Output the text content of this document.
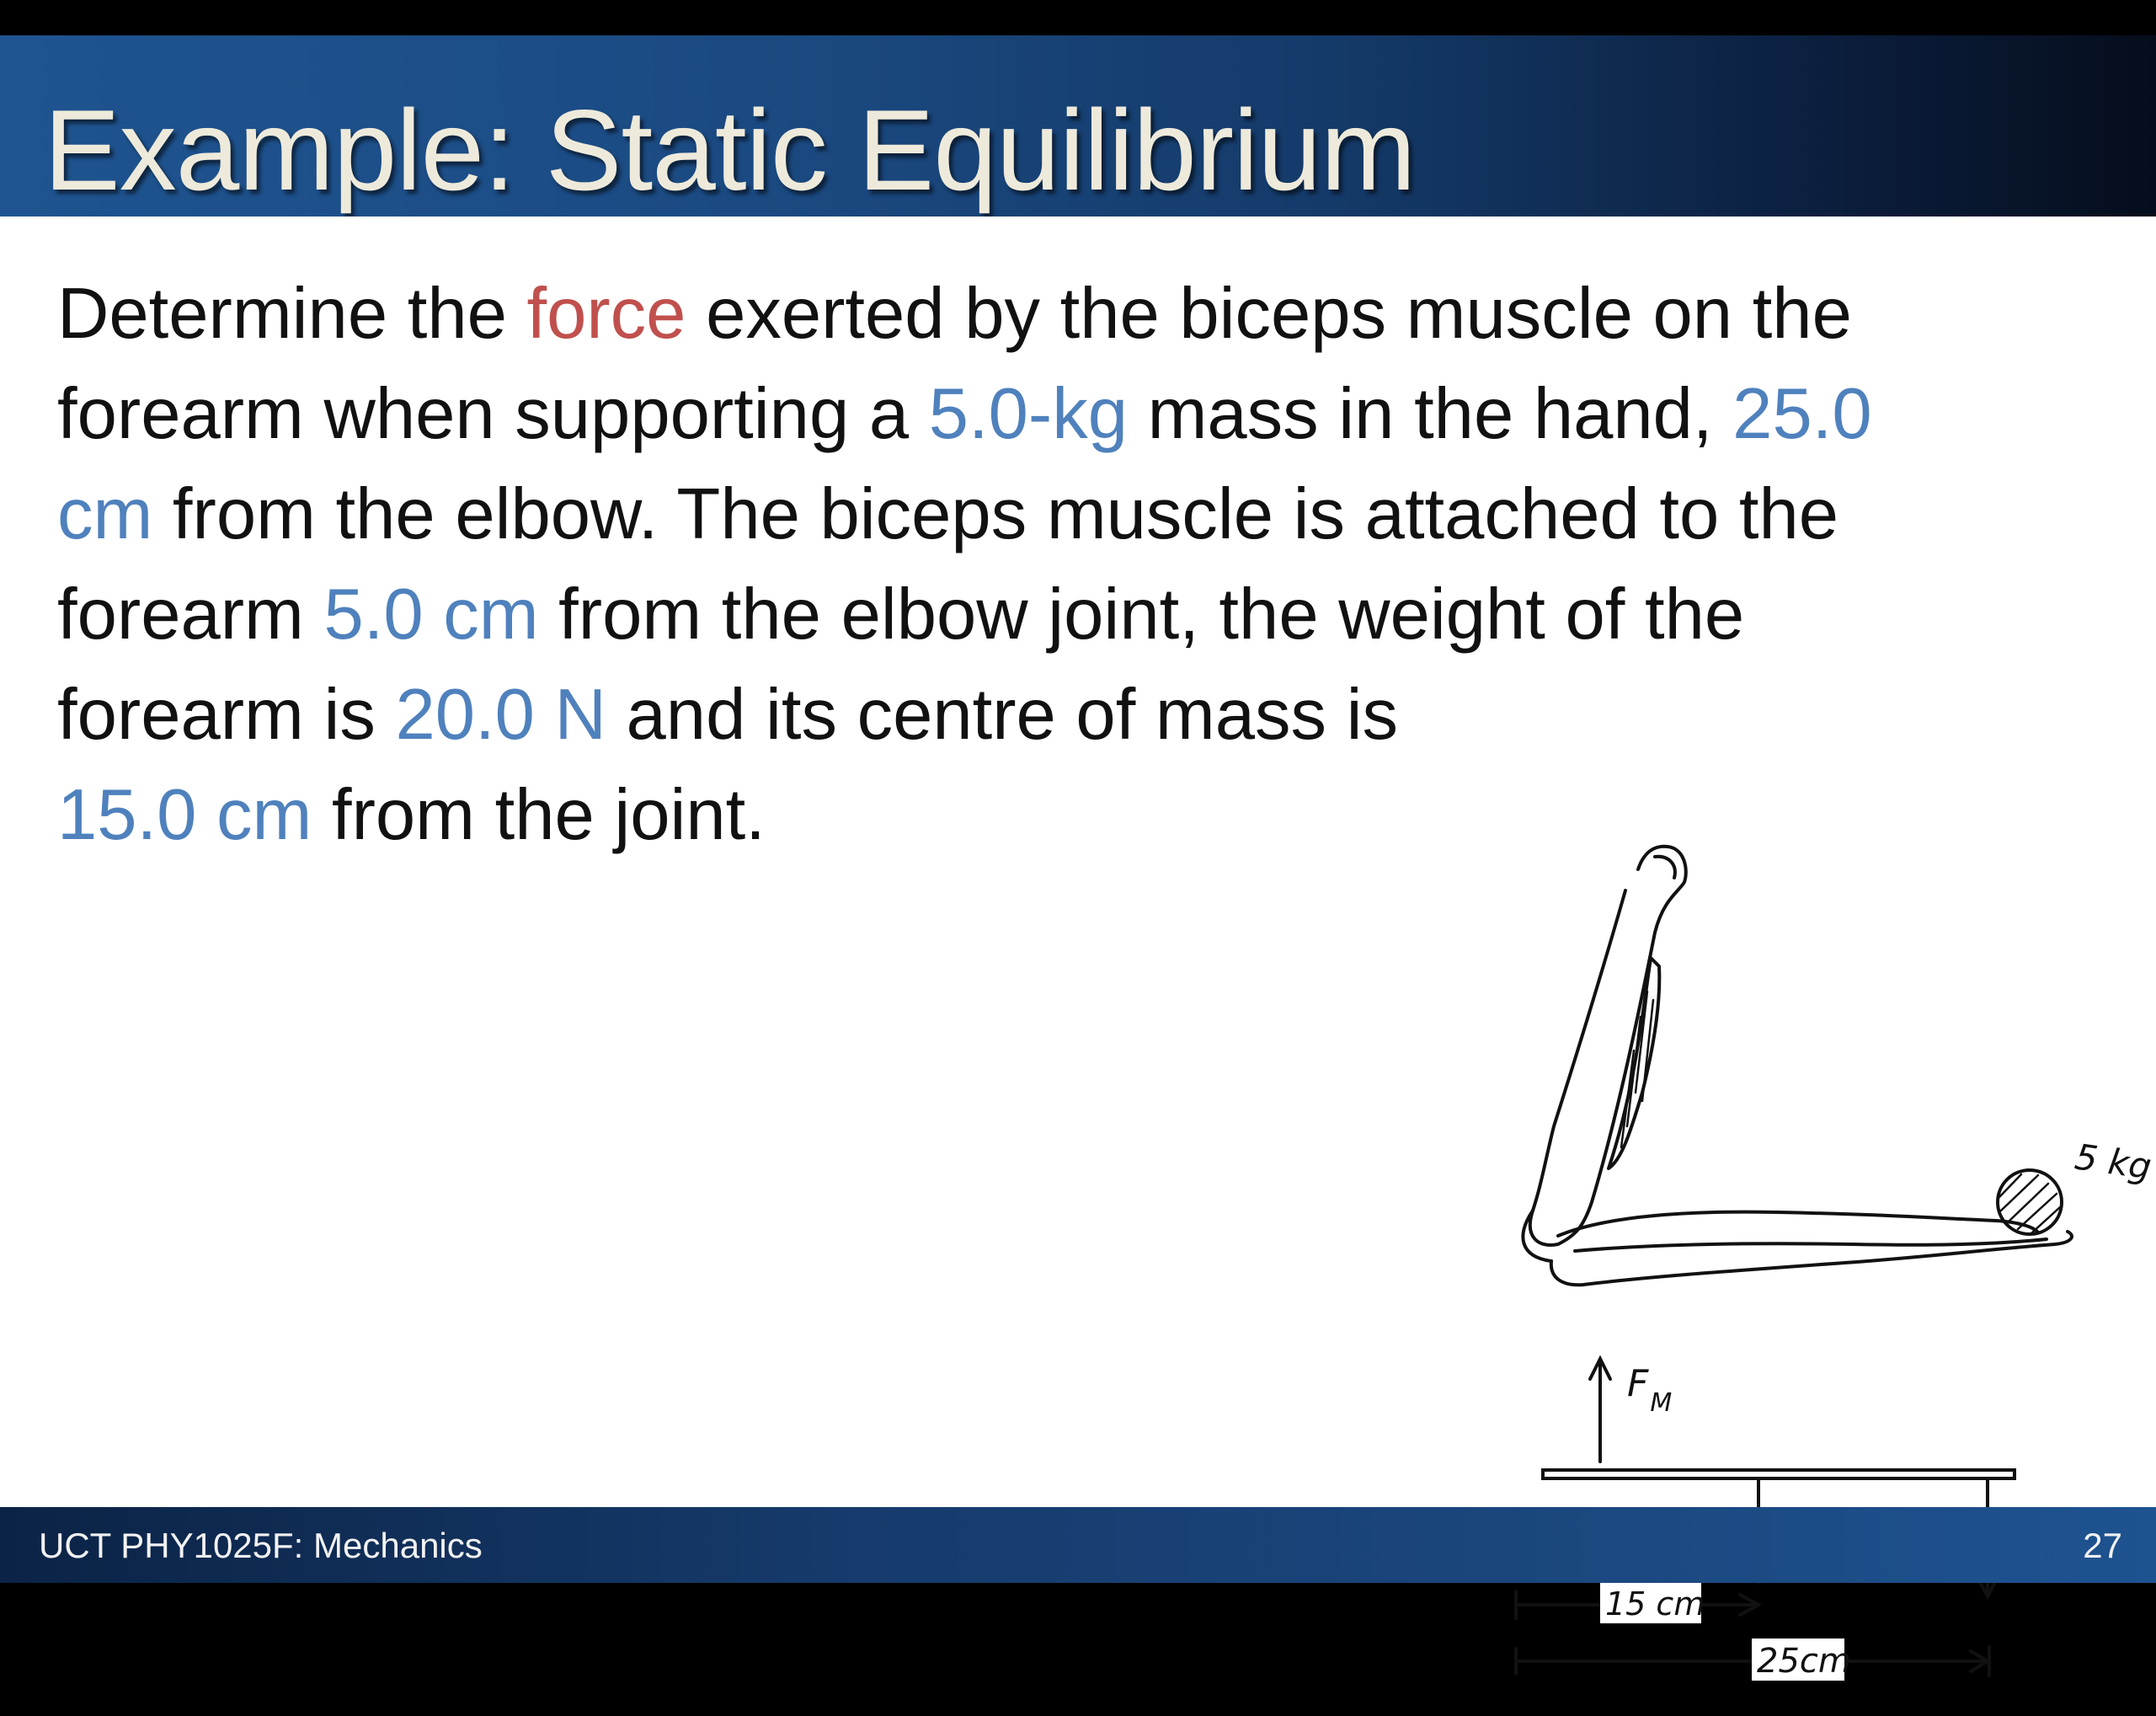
Example: Static Equilibrium

Determine the force exerted by the biceps muscle on the
forearm when supporting a 5.0-kg mass in the hand, 25.0
cm from the elbow. The biceps muscle is attached to the
forearm 5.0 cm from the elbow joint, the weight of the
forearm is 20.0 N and its centre of mass is
15.0 cm from the joint.

5 kg
$F_M$
15 cm
25cm
UCT PHY1025F: Mechanics	27
